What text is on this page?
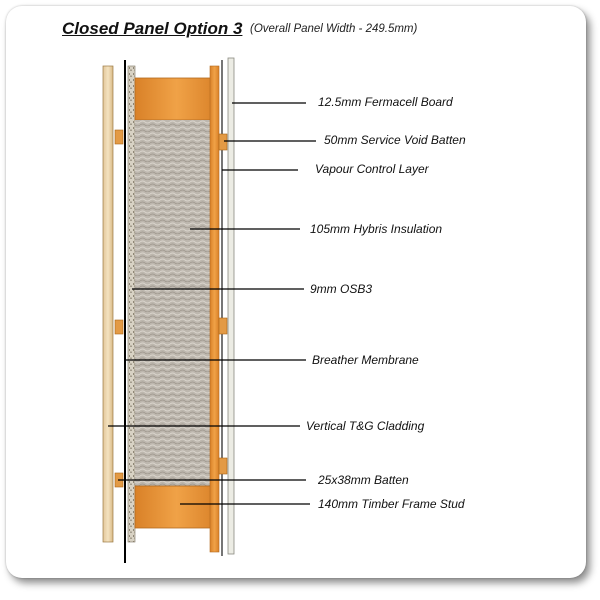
Closed Panel Option 3 (Overall Panel Width - 249.5mm)
12.5mm Fermacell Board
50mm Service Void Batten
Vapour Control Layer
105mm Hybris Insulation
9mm OSB3
Breather Membrane
Vertical T&G Cladding
25x38mm Batten
140mm Timber Frame Stud
